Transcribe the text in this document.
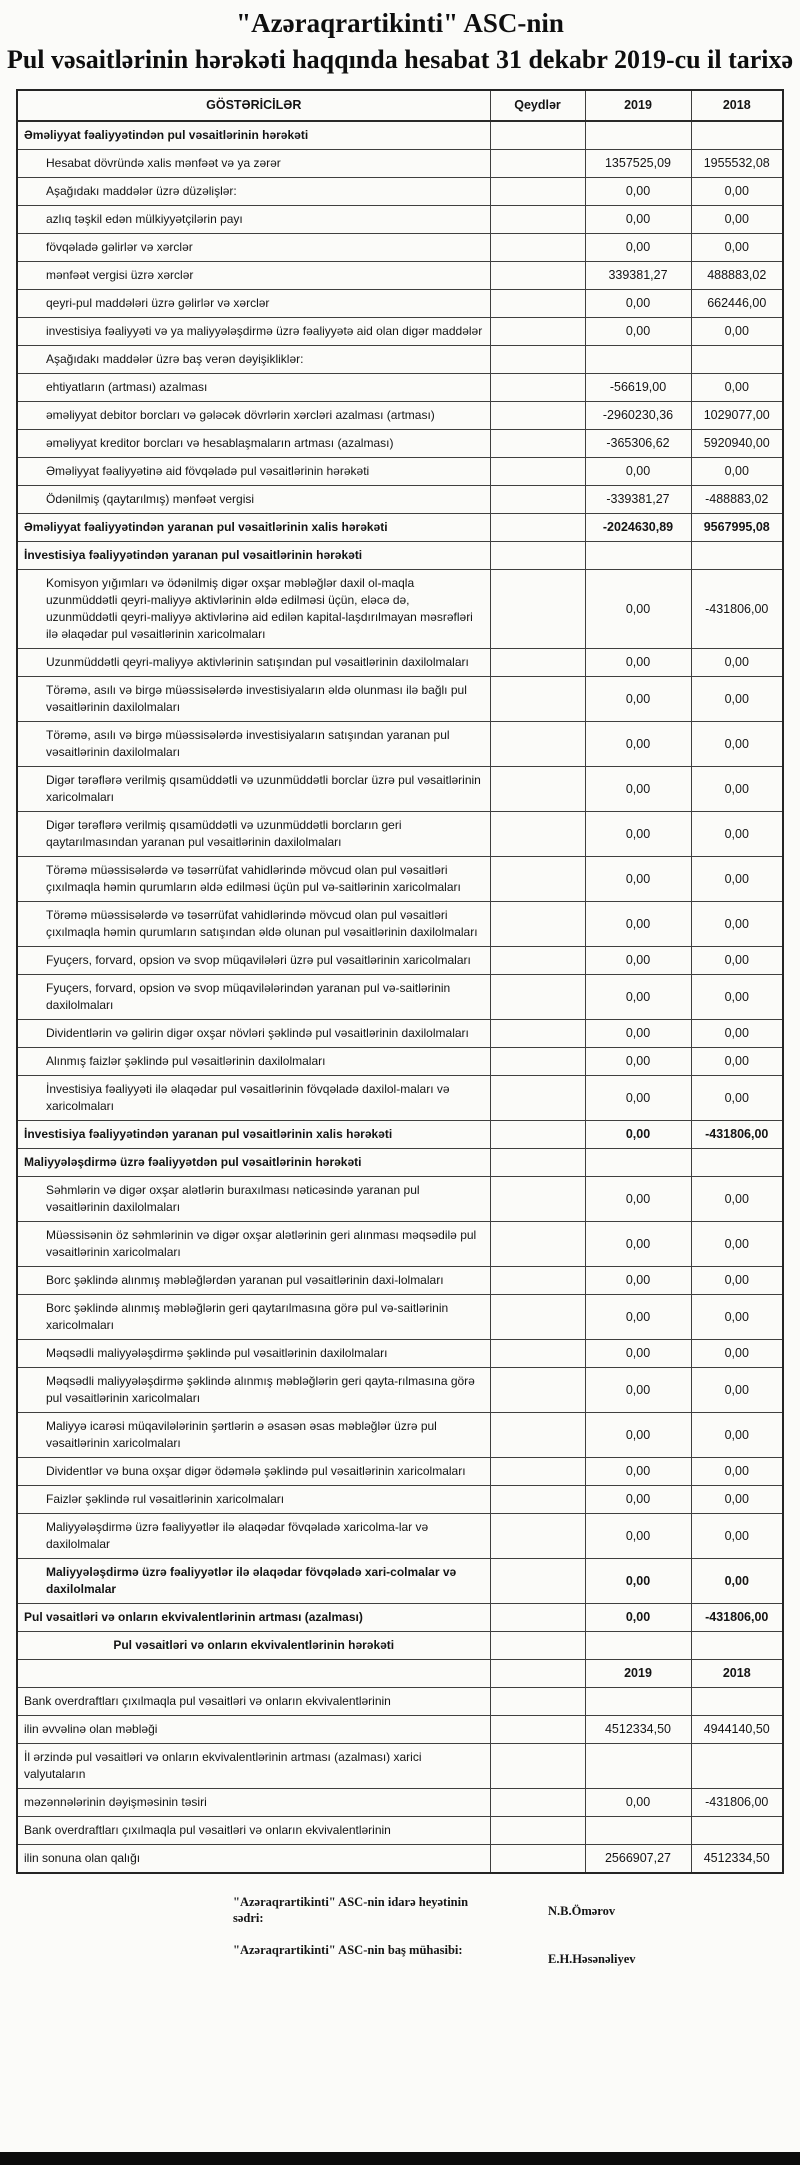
"Azəraqrartikinti" ASC-nin
Pul vəsaitlərinin hərəkəti haqqında hesabat 31 dekabr 2019-cu il tarixə
GÖSTƏRİCİLƏR	Qeydlər	2019	2018
Əməliyyat fəaliyyətindən pul vəsaitlərinin hərəkəti			
Hesabat dövründə xalis mənfəət və ya zərər		1357525,09	1955532,08
Aşağıdakı maddələr üzrə düzəlişlər:		0,00	0,00
azlıq təşkil edən mülkiyyətçilərin payı		0,00	0,00
fövqəladə gəlirlər və xərclər		0,00	0,00
mənfəət vergisi üzrə xərclər		339381,27	488883,02
qeyri-pul maddələri üzrə gəlirlər və xərclər		0,00	662446,00
investisiya fəaliyyəti və ya maliyyələşdirmə üzrə fəaliyyətə aid olan digər maddələr		0,00	0,00
Aşağıdakı maddələr üzrə baş verən dəyişikliklər:			
ehtiyatların (artması) azalması		-56619,00	0,00
əməliyyat debitor borcları və gələcək dövrlərin xərcləri azalması (artması)		-2960230,36	1029077,00
əməliyyat kreditor borcları və hesablaşmaların artması (azalması)		-365306,62	5920940,00
Əməliyyat fəaliyyətinə aid fövqəladə pul vəsaitlərinin hərəkəti		0,00	0,00
Ödənilmiş (qaytarılmış) mənfəət vergisi		-339381,27	-488883,02
Əməliyyat fəaliyyətindən yaranan pul vəsaitlərinin xalis hərəkəti		-2024630,89	9567995,08
İnvestisiya fəaliyyətindən yaranan pul vəsaitlərinin hərəkəti			
Komisyon yığımları və ödənilmiş digər oxşar məbləğlər daxil ol-maqla uzunmüddətli qeyri-maliyyə aktivlərinin əldə edilməsi üçün, eləcə də, uzunmüddətli qeyri-maliyyə aktivlərinə aid edilən kapital-laşdırılmayan məsrəfləri ilə əlaqədar pul vəsaitlərinin xaricolmaları		0,00	-431806,00
Uzunmüddətli qeyri-maliyyə aktivlərinin satışından pul vəsaitlərinin daxilolmaları		0,00	0,00
Törəmə, asılı və birgə müəssisələrdə investisiyaların əldə olunması ilə bağlı pul vəsaitlərinin daxilolmaları		0,00	0,00
Törəmə, asılı və birgə müəssisələrdə investisiyaların satışından yaranan pul vəsaitlərinin daxilolmaları		0,00	0,00
Digər tərəflərə verilmiş qısamüddətli və uzunmüddətli borclar üzrə pul vəsaitlərinin xaricolmaları		0,00	0,00
Digər tərəflərə verilmiş qısamüddətli və uzunmüddətli borcların geri qaytarılmasından yaranan pul vəsaitlərinin daxilolmaları		0,00	0,00
Törəmə müəssisələrdə və təsərrüfat vahidlərində mövcud olan pul vəsaitləri çıxılmaqla həmin qurumların əldə edilməsi üçün pul və-saitlərinin xaricolmaları		0,00	0,00
Törəmə müəssisələrdə və təsərrüfat vahidlərində mövcud olan pul vəsaitləri çıxılmaqla həmin qurumların satışından əldə olunan pul vəsaitlərinin daxilolmaları		0,00	0,00
Fyuçers, forvard, opsion və svop müqavilələri üzrə pul vəsaitlərinin xaricolmaları		0,00	0,00
Fyuçers, forvard, opsion və svop müqavilələrindən yaranan pul və-saitlərinin daxilolmaları		0,00	0,00
Dividentlərin və gəlirin digər oxşar növləri şəklində pul vəsaitlərinin daxilolmaları		0,00	0,00
Alınmış faizlər şəklində pul vəsaitlərinin daxilolmaları		0,00	0,00
İnvestisiya fəaliyyəti ilə əlaqədar pul vəsaitlərinin fövqəladə daxilol-maları və xaricolmaları		0,00	0,00
İnvestisiya fəaliyyətindən yaranan pul vəsaitlərinin xalis hərəkəti		0,00	-431806,00
Maliyyələşdirmə üzrə fəaliyyətdən pul vəsaitlərinin hərəkəti			
Səhmlərin və digər oxşar alətlərin buraxılması nəticəsində yaranan pul vəsaitlərinin daxilolmaları		0,00	0,00
Müəssisənin öz səhmlərinin və digər oxşar alətlərinin geri alınması məqsədilə pul vəsaitlərinin xaricolmaları		0,00	0,00
Borc şəklində alınmış məbləğlərdən yaranan pul vəsaitlərinin daxi-lolmaları		0,00	0,00
Borc şəklində alınmış məbləğlərin geri qaytarılmasına görə pul və-saitlərinin xaricolmaları		0,00	0,00
Məqsədli maliyyələşdirmə şəklində pul vəsaitlərinin daxilolmaları		0,00	0,00
Məqsədli maliyyələşdirmə şəklində alınmış məbləğlərin geri qayta-rılmasına görə pul vəsaitlərinin xaricolmaları		0,00	0,00
Maliyyə icarəsi müqavilələrinin şərtlərin ə əsasən əsas məbləğlər üzrə pul vəsaitlərinin xaricolmaları		0,00	0,00
Dividentlər və buna oxşar digər ödəmələ şəklində pul vəsaitlərinin xaricolmaları		0,00	0,00
Faizlər şəklində rul vəsaitlərinin xaricolmaları		0,00	0,00
Maliyyələşdirmə üzrə fəaliyyətlər ilə əlaqədar fövqəladə xaricolma-lar və daxilolmalar		0,00	0,00
Maliyyələşdirmə üzrə fəaliyyətlər ilə əlaqədar fövqəladə xari-colmalar və daxilolmalar		0,00	0,00
Pul vəsaitləri və onların ekvivalentlərinin artması (azalması)		0,00	-431806,00
Pul vəsaitləri və onların ekvivalentlərinin hərəkəti			
		2019	2018
Bank overdraftları çıxılmaqla pul vəsaitləri və onların ekvivalentlərinin			
ilin əvvəlinə olan məbləği		4512334,50	4944140,50
İl ərzində pul vəsaitləri və onların ekvivalentlərinin artması (azalması) xarici valyutaların			
məzənnələrinin dəyişməsinin təsiri		0,00	-431806,00
Bank overdraftları çıxılmaqla pul vəsaitləri və onların ekvivalentlərinin			
ilin sonuna olan qalığı		2566907,27	4512334,50
"Azəraqrartikinti" ASC-nin idarə heyətinin sədri:	N.B.Ömərov
"Azəraqrartikinti" ASC-nin baş mühasibi:
E.H.Həsənəliyev
